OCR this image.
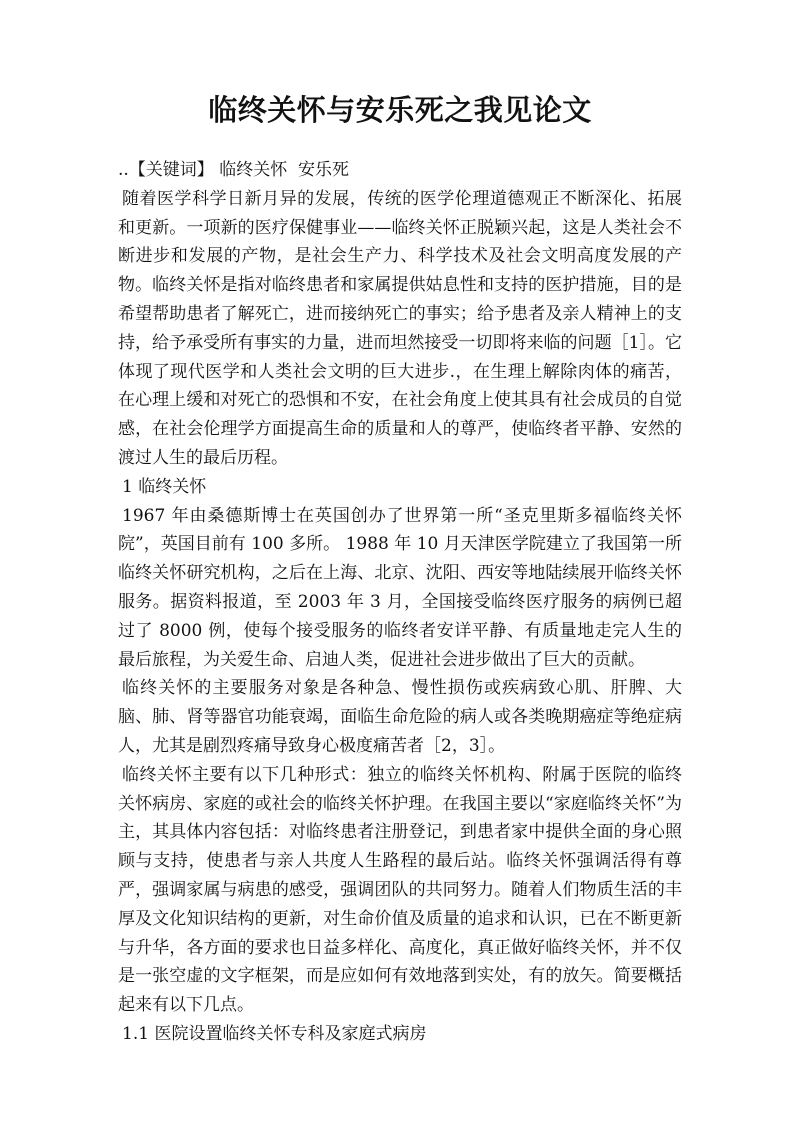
临终关怀与安乐死之我见论文

..【关键词】 临终关怀  安乐死

随着医学科学日新月异的发展，传统的医学伦理道德观正不断深化、拓展和更新。一项新的医疗保健事业——临终关怀正脱颖兴起，这是人类社会不断进步和发展的产物，是社会生产力、科学技术及社会文明高度发展的产物。临终关怀是指对临终患者和家属提供姑息性和支持的医护措施，目的是希望帮助患者了解死亡，进而接纳死亡的事实；给予患者及亲人精神上的支持，给予承受所有事实的力量，进而坦然接受一切即将来临的问题［1］。它体现了现代医学和人类社会文明的巨大进步.，在生理上解除肉体的痛苦，在心理上缓和对死亡的恐惧和不安，在社会角度上使其具有社会成员的自觉感，在社会伦理学方面提高生命的质量和人的尊严，使临终者平静、安然的渡过人生的最后历程。

1 临终关怀

1967 年由桑德斯博士在英国创办了世界第一所“圣克里斯多福临终关怀院”，英国目前有 100 多所。 1988 年 10 月天津医学院建立了我国第一所临终关怀研究机构，之后在上海、北京、沈阳、西安等地陆续展开临终关怀服务。据资料报道，至 2003 年 3 月，全国接受临终医疗服务的病例已超过了 8000 例，使每个接受服务的临终者安详平静、有质量地走完人生的最后旅程，为关爱生命、启迪人类，促进社会进步做出了巨大的贡献。

临终关怀的主要服务对象是各种急、慢性损伤或疾病致心肌、肝脾、大脑、肺、肾等器官功能衰竭，面临生命危险的病人或各类晚期癌症等绝症病人，尤其是剧烈疼痛导致身心极度痛苦者［2，3］。

临终关怀主要有以下几种形式：独立的临终关怀机构、附属于医院的临终关怀病房、家庭的或社会的临终关怀护理。在我国主要以“家庭临终关怀”为主，其具体内容包括：对临终患者注册登记，到患者家中提供全面的身心照顾与支持，使患者与亲人共度人生路程的最后站。临终关怀强调活得有尊严，强调家属与病患的感受，强调团队的共同努力。随着人们物质生活的丰厚及文化知识结构的更新，对生命价值及质量的追求和认识，已在不断更新与升华，各方面的要求也日益多样化、高度化，真正做好临终关怀，并不仅是一张空虚的文字框架，而是应如何有效地落到实处，有的放矢。简要概括起来有以下几点。

1.1 医院设置临终关怀专科及家庭式病房
